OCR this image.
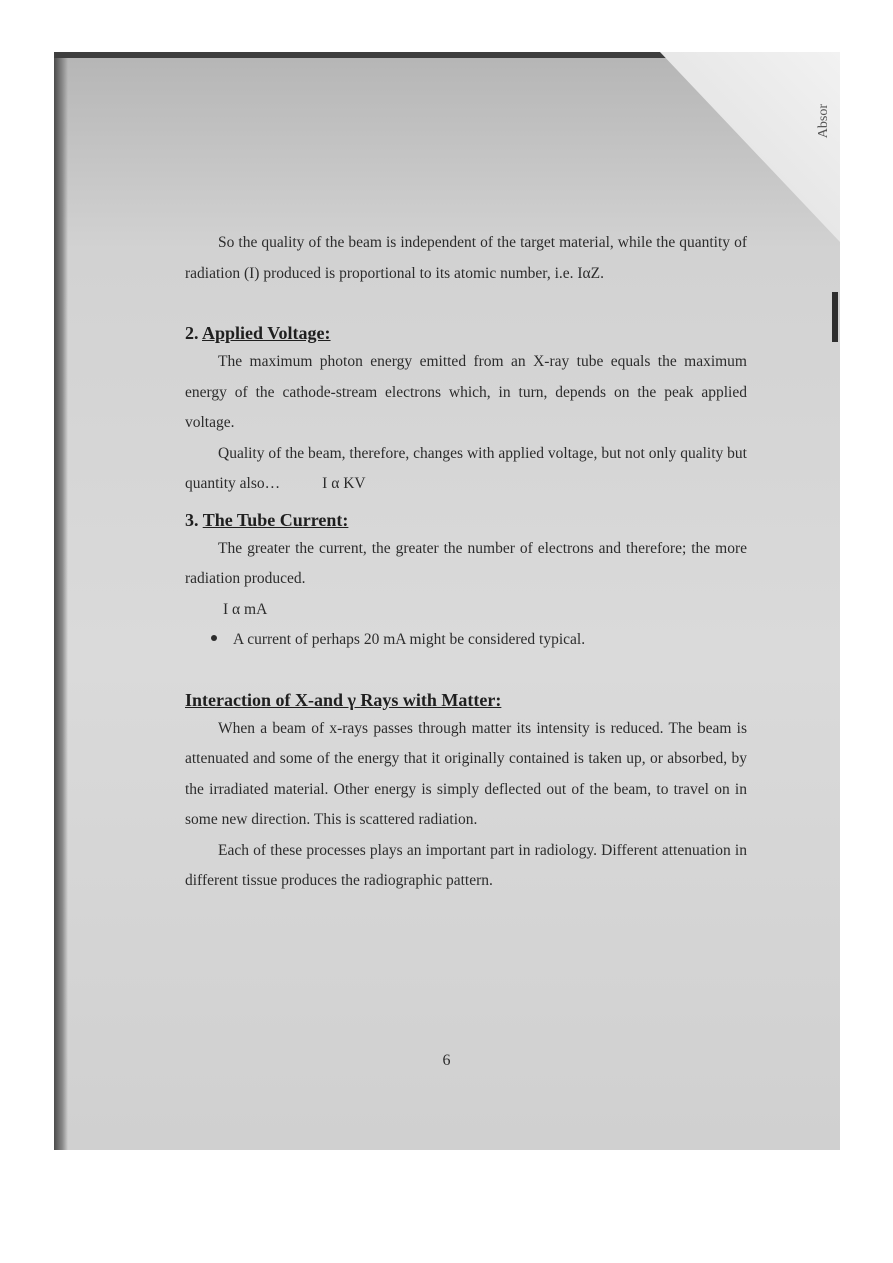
Absor

So the quality of the beam is independent of the target material, while the quantity of radiation (I) produced is proportional to its atomic number, i.e. IαZ.

2. Applied Voltage:

The maximum photon energy emitted from an X-ray tube equals the maximum energy of the cathode-stream electrons which, in turn, depends on the peak applied voltage.

Quality of the beam, therefore, changes with applied voltage, but not only quality but quantity also…	I α KV

3. The Tube Current:

The greater the current, the greater the number of electrons and therefore; the more radiation produced.

I α mA
A current of perhaps 20 mA might be considered typical.
Interaction of X-and γ Rays with Matter:

When a beam of x-rays passes through matter its intensity is reduced. The beam is attenuated and some of the energy that it originally contained is taken up, or absorbed, by the irradiated material. Other energy is simply deflected out of the beam, to travel on in some new direction. This is scattered radiation.

Each of these processes plays an important part in radiology. Different attenuation in different tissue produces the radiographic pattern.

6
